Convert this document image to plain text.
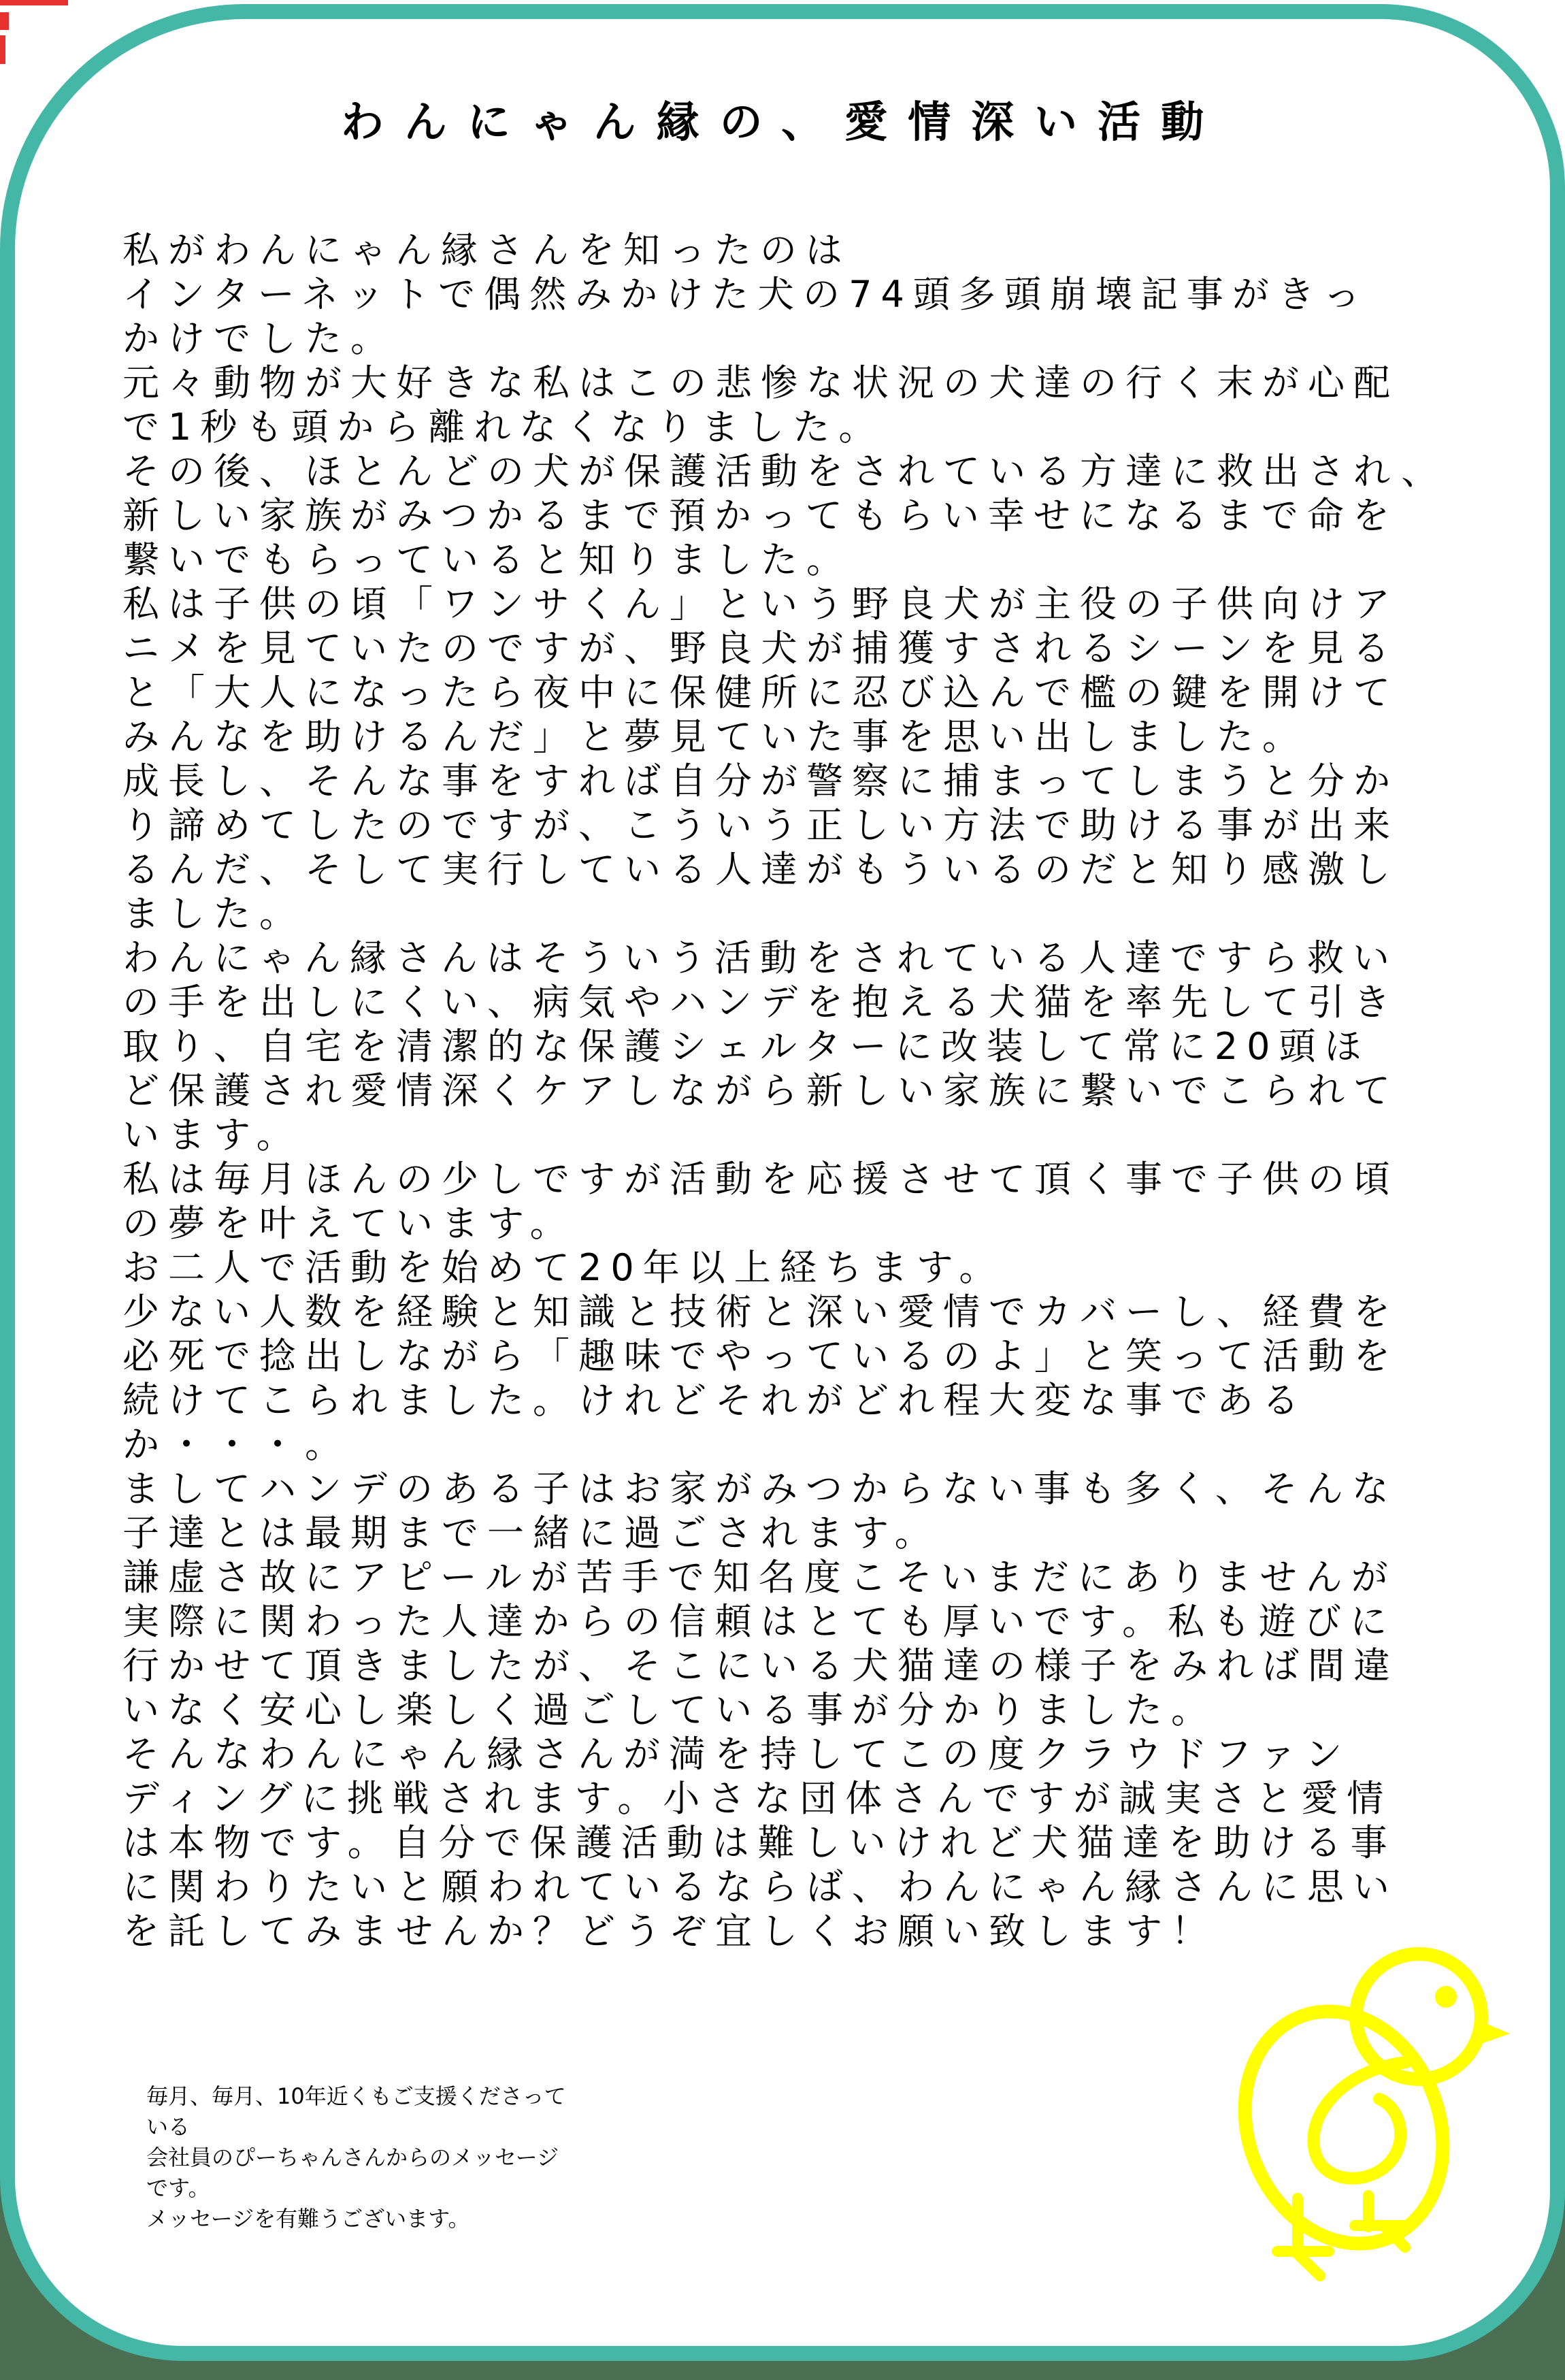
わんにゃん縁の、愛情深い活動
私がわんにゃん縁さんを知ったのは
インターネットで偶然みかけた犬の74頭多頭崩壊記事がきっ
かけでした。
元々動物が大好きな私はこの悲惨な状況の犬達の行く末が心配
で1秒も頭から離れなくなりました。
その後、ほとんどの犬が保護活動をされている方達に救出され、
新しい家族がみつかるまで預かってもらい幸せになるまで命を
繋いでもらっていると知りました。
私は子供の頃「ワンサくん」という野良犬が主役の子供向けア
ニメを見ていたのですが、野良犬が捕獲すされるシーンを見る
と「大人になったら夜中に保健所に忍び込んで檻の鍵を開けて
みんなを助けるんだ」と夢見ていた事を思い出しました。
成長し、そんな事をすれば自分が警察に捕まってしまうと分か
り諦めてしたのですが、こういう正しい方法で助ける事が出来
るんだ、そして実行している人達がもういるのだと知り感激し
ました。
わんにゃん縁さんはそういう活動をされている人達ですら救い
の手を出しにくい、病気やハンデを抱える犬猫を率先して引き
取り、自宅を清潔的な保護シェルターに改装して常に20頭ほ
ど保護され愛情深くケアしながら新しい家族に繋いでこられて
います。
私は毎月ほんの少しですが活動を応援させて頂く事で子供の頃
の夢を叶えています。
お二人で活動を始めて20年以上経ちます。
少ない人数を経験と知識と技術と深い愛情でカバーし、経費を
必死で捻出しながら「趣味でやっているのよ」と笑って活動を
続けてこられました。けれどそれがどれ程大変な事である
か・・・。
ましてハンデのある子はお家がみつからない事も多く、そんな
子達とは最期まで一緒に過ごされます。
謙虚さ故にアピールが苦手で知名度こそいまだにありませんが
実際に関わった人達からの信頼はとても厚いです。私も遊びに
行かせて頂きましたが、そこにいる犬猫達の様子をみれば間違
いなく安心し楽しく過ごしている事が分かりました。
そんなわんにゃん縁さんが満を持してこの度クラウドファン
ディングに挑戦されます。小さな団体さんですが誠実さと愛情
は本物です。自分で保護活動は難しいけれど犬猫達を助ける事
に関わりたいと願われているならば、わんにゃん縁さんに思い
を託してみませんか？どうぞ宜しくお願い致します！
毎月、毎月、10年近くもご支援くださって
いる
会社員のぴーちゃんさんからのメッセージ
です。
メッセージを有難うございます。
